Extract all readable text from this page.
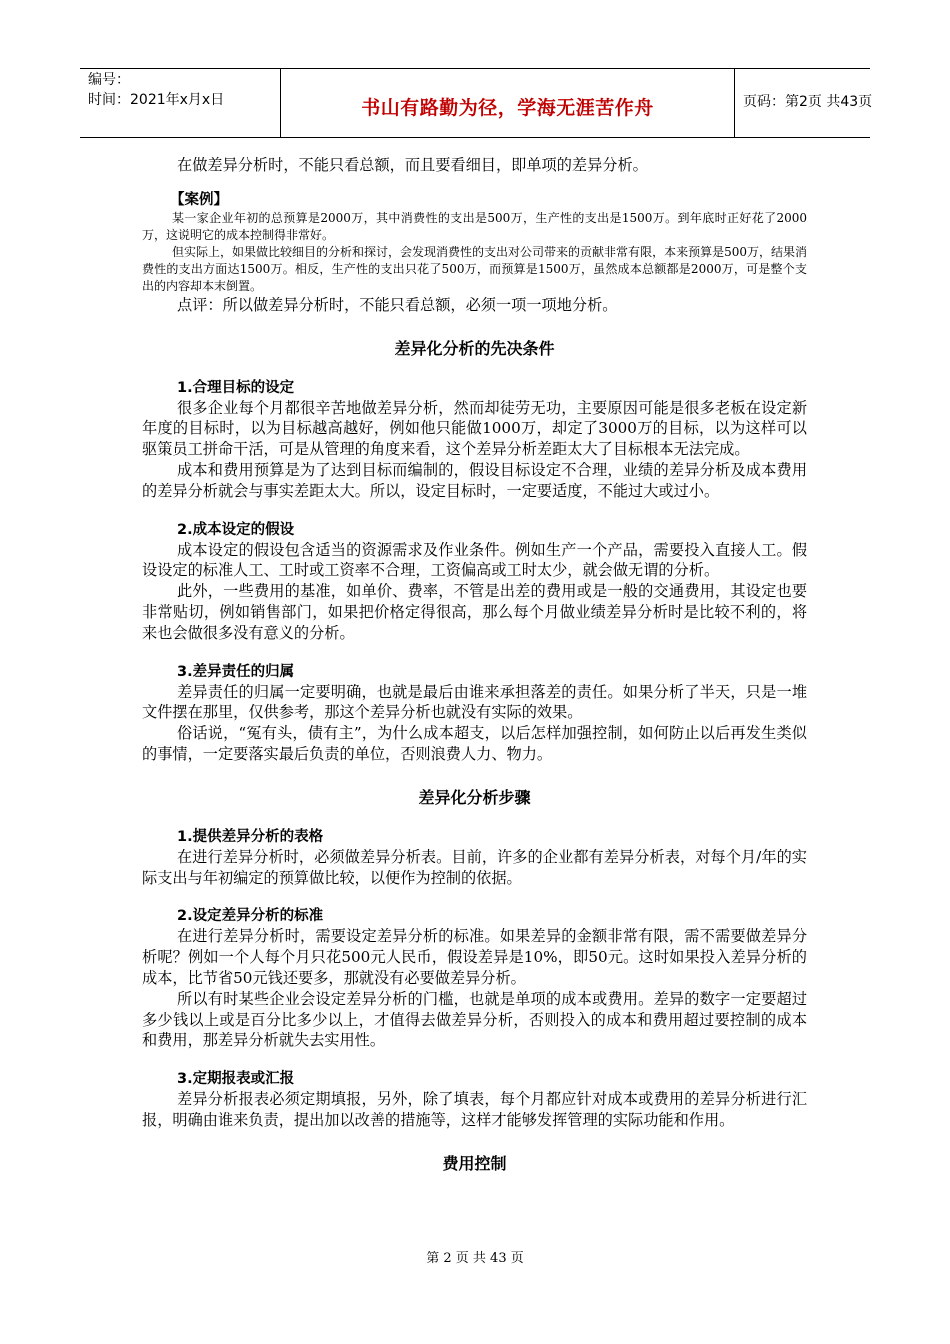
编号：
时间：2021年x月x日	书山有路勤为径，学海无涯苦作舟	页码：第2页 共43页

在做差异分析时，不能只看总额，而且要看细目，即单项的差异分析。

【案例】

某一家企业年初的总预算是2000万，其中消费性的支出是500万，生产性的支出是1500万。到年底时正好花了2000万，这说明它的成本控制得非常好。

但实际上，如果做比较细目的分析和探讨，会发现消费性的支出对公司带来的贡献非常有限，本来预算是500万，结果消费性的支出方面达1500万。相反，生产性的支出只花了500万，而预算是1500万，虽然成本总额都是2000万，可是整个支出的内容却本末倒置。

点评：所以做差异分析时，不能只看总额，必须一项一项地分析。

差异化分析的先决条件
1.合理目标的设定

很多企业每个月都很辛苦地做差异分析，然而却徒劳无功，主要原因可能是很多老板在设定新年度的目标时，以为目标越高越好，例如他只能做1000万，却定了3000万的目标，以为这样可以驱策员工拼命干活，可是从管理的角度来看，这个差异分析差距太大了目标根本无法完成。

成本和费用预算是为了达到目标而编制的，假设目标设定不合理，业绩的差异分析及成本费用的差异分析就会与事实差距太大。所以，设定目标时，一定要适度，不能过大或过小。

2.成本设定的假设

成本设定的假设包含适当的资源需求及作业条件。例如生产一个产品，需要投入直接人工。假设设定的标准人工、工时或工资率不合理，工资偏高或工时太少，就会做无谓的分析。

此外，一些费用的基准，如单价、费率，不管是出差的费用或是一般的交通费用，其设定也要非常贴切，例如销售部门，如果把价格定得很高，那么每个月做业绩差异分析时是比较不利的，将来也会做很多没有意义的分析。

3.差异责任的归属

差异责任的归属一定要明确，也就是最后由谁来承担落差的责任。如果分析了半天，只是一堆文件摆在那里，仅供参考，那这个差异分析也就没有实际的效果。

俗话说，“冤有头，债有主”，为什么成本超支，以后怎样加强控制，如何防止以后再发生类似的事情，一定要落实最后负责的单位，否则浪费人力、物力。

差异化分析步骤
1.提供差异分析的表格

在进行差异分析时，必须做差异分析表。目前，许多的企业都有差异分析表，对每个月/年的实际支出与年初编定的预算做比较，以便作为控制的依据。

2.设定差异分析的标准

在进行差异分析时，需要设定差异分析的标准。如果差异的金额非常有限，需不需要做差异分析呢？例如一个人每个月只花500元人民币，假设差异是10%，即50元。这时如果投入差异分析的成本，比节省50元钱还要多，那就没有必要做差异分析。

所以有时某些企业会设定差异分析的门槛，也就是单项的成本或费用。差异的数字一定要超过多少钱以上或是百分比多少以上，才值得去做差异分析，否则投入的成本和费用超过要控制的成本和费用，那差异分析就失去实用性。

3.定期报表或汇报

差异分析报表必须定期填报，另外，除了填表，每个月都应针对成本或费用的差异分析进行汇报，明确由谁来负责，提出加以改善的措施等，这样才能够发挥管理的实际功能和作用。

费用控制
第 2 页 共 43 页
